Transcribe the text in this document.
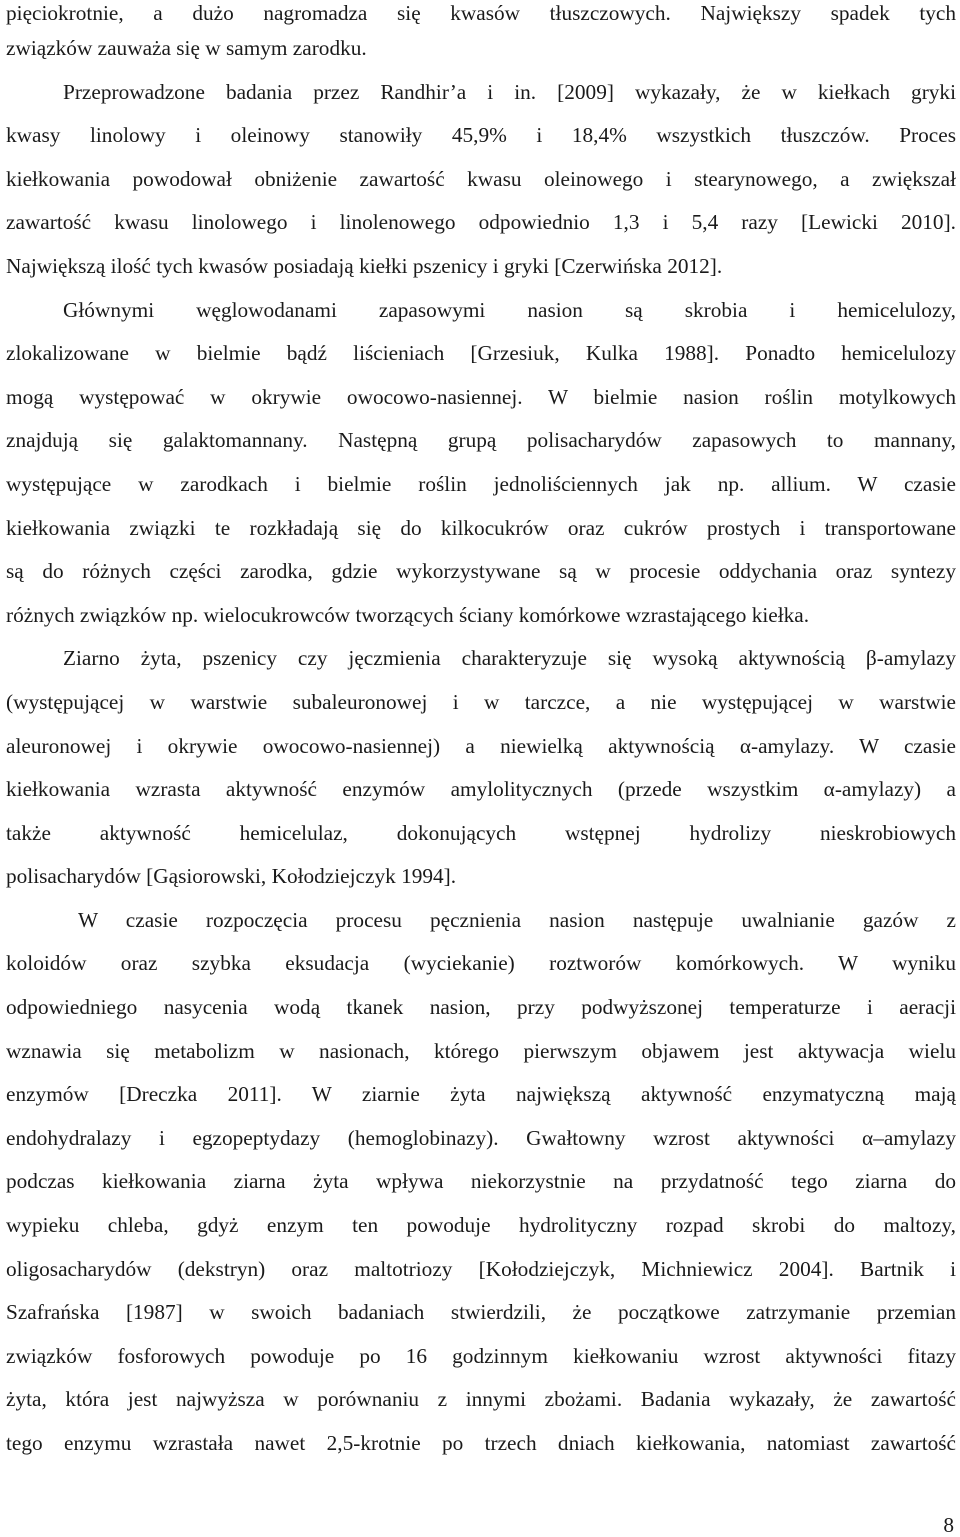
pięciokrotnie, a dużo nagromadza się kwasów tłuszczowych. Największy spadek tych
związków zauważa się w samym zarodku.
Przeprowadzone badania przez Randhir’a i in. [2009] wykazały, że w kiełkach gryki
kwasy linolowy i oleinowy stanowiły 45,9% i 18,4% wszystkich tłuszczów. Proces
kiełkowania powodował obniżenie zawartość kwasu oleinowego i stearynowego, a zwiększał
zawartość kwasu linolowego i linolenowego odpowiednio 1,3 i 5,4 razy [Lewicki 2010].
Największą ilość tych kwasów posiadają kiełki pszenicy i gryki [Czerwińska 2012].
Głównymi węglowodanami zapasowymi nasion są skrobia i hemicelulozy,
zlokalizowane w bielmie bądź liścieniach [Grzesiuk, Kulka 1988]. Ponadto hemicelulozy
mogą występować w okrywie owocowo-nasiennej. W bielmie nasion roślin motylkowych
znajdują się galaktomannany. Następną grupą polisacharydów zapasowych to mannany,
występujące w zarodkach i bielmie roślin jednoliściennych jak np. allium. W czasie
kiełkowania związki te rozkładają się do kilkocukrów oraz cukrów prostych i transportowane
są do różnych części zarodka, gdzie wykorzystywane są w procesie oddychania oraz syntezy
różnych związków np. wielocukrowców tworzących ściany komórkowe wzrastającego kiełka.
Ziarno żyta, pszenicy czy jęczmienia charakteryzuje się wysoką aktywnością β-amylazy
(występującej w warstwie subaleuronowej i w tarczce, a nie występującej w warstwie
aleuronowej i okrywie owocowo-nasiennej) a niewielką aktywnością α-amylazy. W czasie
kiełkowania wzrasta aktywność enzymów amylolitycznych (przede wszystkim α-amylazy) a
także aktywność hemicelulaz, dokonujących wstępnej hydrolizy nieskrobiowych
polisacharydów [Gąsiorowski, Kołodziejczyk 1994].
W czasie rozpoczęcia procesu pęcznienia nasion następuje uwalnianie gazów z
koloidów oraz szybka eksudacja (wyciekanie) roztworów komórkowych. W wyniku
odpowiedniego nasycenia wodą tkanek nasion, przy podwyższonej temperaturze i aeracji
wznawia się metabolizm w nasionach, którego pierwszym objawem jest aktywacja wielu
enzymów [Dreczka 2011]. W ziarnie żyta największą aktywność enzymatyczną mają
endohydralazy i egzopeptydazy (hemoglobinazy). Gwałtowny wzrost aktywności α–amylazy
podczas kiełkowania ziarna żyta wpływa niekorzystnie na przydatność tego ziarna do
wypieku chleba, gdyż enzym ten powoduje hydrolityczny rozpad skrobi do maltozy,
oligosacharydów (dekstryn) oraz maltotriozy [Kołodziejczyk, Michniewicz 2004]. Bartnik i
Szafrańska [1987] w swoich badaniach stwierdzili, że początkowe zatrzymanie przemian
związków fosforowych powoduje po 16 godzinnym kiełkowaniu wzrost aktywności fitazy
żyta, która jest najwyższa w porównaniu z innymi zbożami. Badania wykazały, że zawartość
tego enzymu wzrastała nawet 2,5-krotnie po trzech dniach kiełkowania, natomiast zawartość
8
